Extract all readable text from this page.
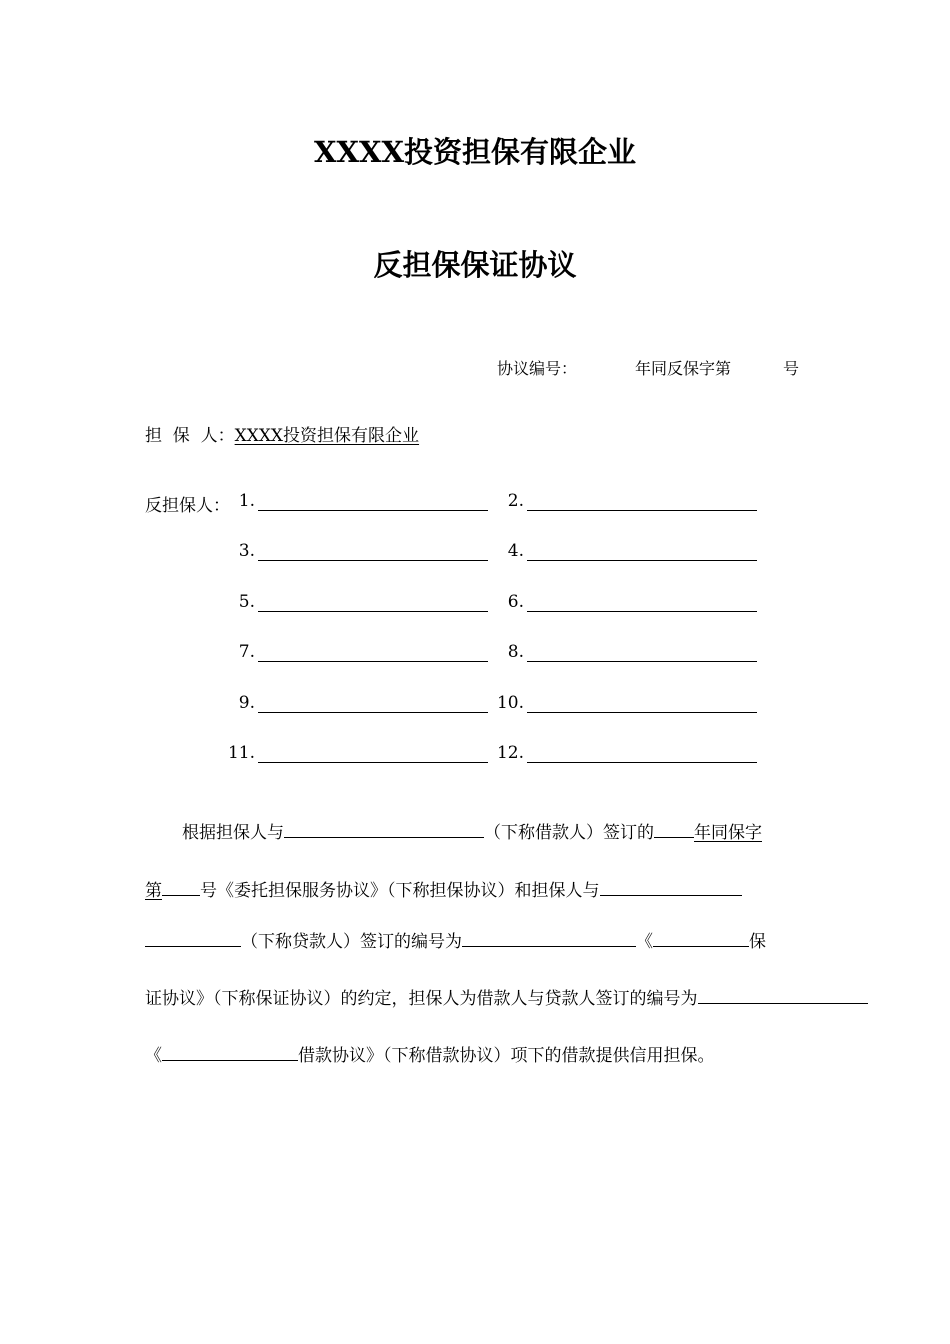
XXXX投资担保有限企业
反担保保证协议
协议编号：	年同反保字第	号
担  保  人：XXXX投资担保有限企业
反担保人： 1.	2.
3.	4.
5.	6.
7.	8.
9.	10.
11.	12.
根据担保人与	（下称借款人）签订的 年同保字
第 号《委托担保服务协议》（下称担保协议）和担保人与
（下称贷款人）签订的编号为	《	保
证协议》（下称保证协议）的约定，担保人为借款人与贷款人签订的编号为
《	借款协议》（下称借款协议）项下的借款提供信用担保。
